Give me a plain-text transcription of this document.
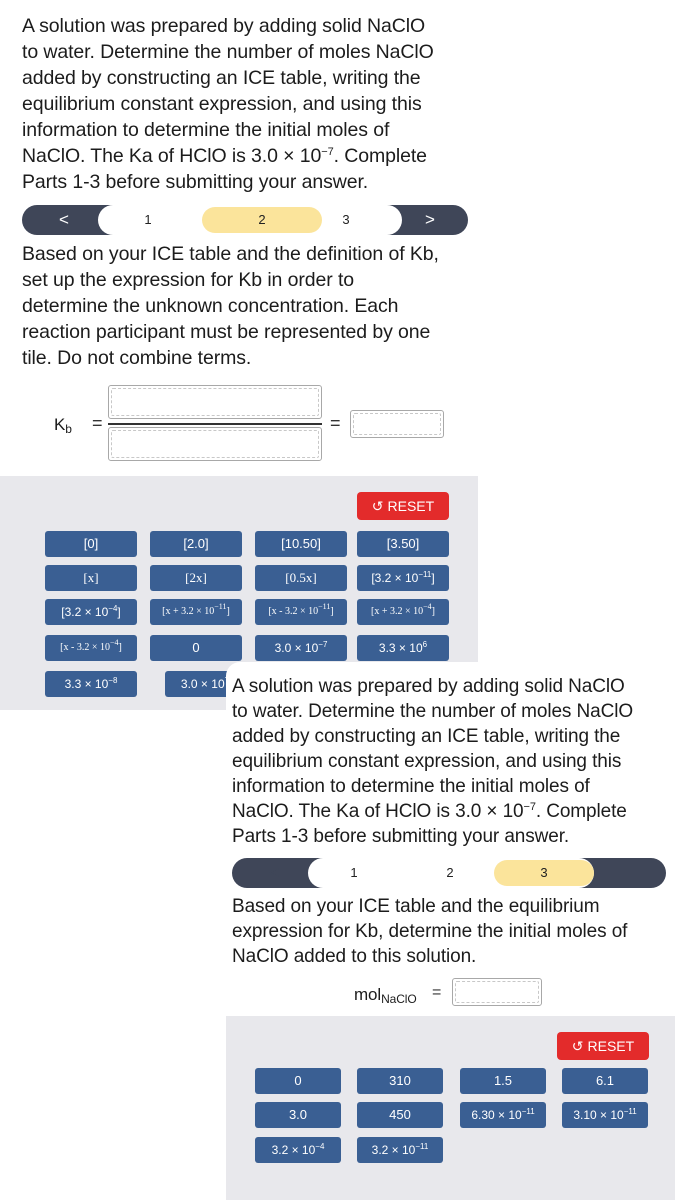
A solution was prepared by adding solid NaClO
to water. Determine the number of moles NaClO
added by constructing an ICE table, writing the
equilibrium constant expression, and using this
information to determine the initial moles of
NaClO. The Ka of HClO is $3.0 \times 10^{-7}$. Complete
Parts 1-3 before submitting your answer.
<	1	2	3	>
Based on your ICE table and the definition of Kb,
set up the expression for Kb in order to
determine the unknown concentration. Each
reaction participant must be represented by one
tile. Do not combine terms.
$K_b$ =	=
↺ RESET
[0]	[2.0]	[10.50]	[3.50]
[x]	[2x]	[0.5x]	$[3.2 \times 10^{-11}]$
$[3.2 \times 10^{-4}]$	$[x + 3.2 \times 10^{-11}]$	$[x - 3.2 \times 10^{-11}]$	$[x + 3.2 \times 10^{-4}]$
$[x - 3.2 \times 10^{-4}]$	0	$3.0 \times 10^{-7}$	$3.3 \times 10^6$
$3.3 \times 10^{-8}$	3.0 × 10 A solution was prepared by adding solid NaClO
to water. Determine the number of moles NaClO
added by constructing an ICE table, writing the
equilibrium constant expression, and using this
information to determine the initial moles of
NaClO. The Ka of HClO is $3.0 \times 10^{-7}$. Complete
Parts 1-3 before submitting your answer.
<	1	2	3
Based on your ICE table and the equilibrium
expression for Kb, determine the initial moles of
NaClO added to this solution.
mol$_{NaClO}$ =
↺ RESET
0	310	1.5	6.1
3.0	450	$6.30 \times 10^{-11}$	$3.10 \times 10^{-11}$
$3.2 \times 10^{-4}$	$3.2 \times 10^{-11}$
